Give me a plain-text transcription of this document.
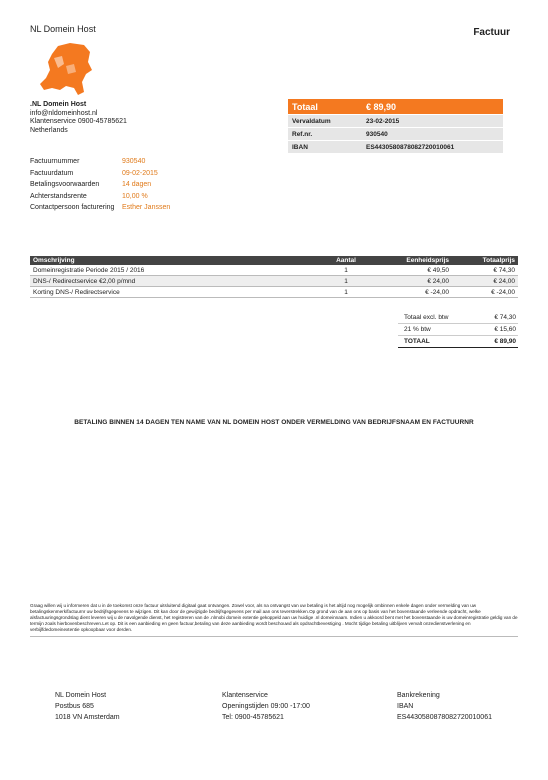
NL Domein Host	Factuur
.NL Domein Host
info@nldomeinhost.nl
Klantenservice 0900-45785621
Netherlands
Totaal	€ 89,90
Vervaldatum	23-02-2015
Ref.nr.	930540
IBAN	ES4430580878082720010061
Factuurnummer	930540
Factuurdatum	09-02-2015
Betalingsvoorwaarden	14 dagen
Achterstandsrente	10,00 %
Contactpersoon facturering	Esther Janssen
Omschrijving	Aantal	Eenheidsprijs	Totaalprijs
Domeinregistratie Periode 2015 / 2016	1	€ 49,50	€ 74,30
DNS-/ Redirectservice €2,00 p/mnd	1	€ 24,00	€ 24,00
Korting DNS-/ Redirectservice	1	€ -24,00	€ -24,00
Totaal excl. btw	€ 74,30
21 % btw	€ 15,60
TOTAAL	€ 89,90
BETALING BINNEN 14 DAGEN TEN NAME VAN NL DOMEIN HOST ONDER VERMELDING VAN BEDRIJFSNAAM EN FACTUURNR
Graag willen wij u informeren dat u in de toekomst onze factuur uitsluitend digitaal gaat ontvangen. Zowel voor, als na ontvangst van uw betaling is het altijd nog mogelijk ombinnen enkele dagen onder vermelding van uw betalingskenmerk/factuurnr uw bedrijfsgegevens te wijzigen. Dit kan door de gewijzigde bedrijfsgegevens per mail aan ons teverstrekken.Op grond van de aan ons op basis van het bovenstaande verleende opdracht, welke alsfactuuringsgrondslag dient leveren wij u de navolgende dienst, het registreren van de .nlmobi domein extentie gekoppeld aan uw huidige .nl domeinnaam. Indien u akkoord bent met het bovenstaande is uw domeinregistratie geldig van de termijn zoals hierbovenbeschreven.Let op. Dit is een aanbieding en geen factuur,betaling van deze aanbieding wordt beschouwd als opdrachtbevestiging . Mocht tijdige betaling uitblijven vervalt onzedienstverlening en verbijlfdedomeinextentie opkoopbaar voor derden.
NL Domein Host
Postbus 685
1018 VN Amsterdam
Klantenservice
Openingstijden 09:00 -17:00
Tel: 0900-45785621
Bankrekening
IBAN
ES4430580878082720010061
